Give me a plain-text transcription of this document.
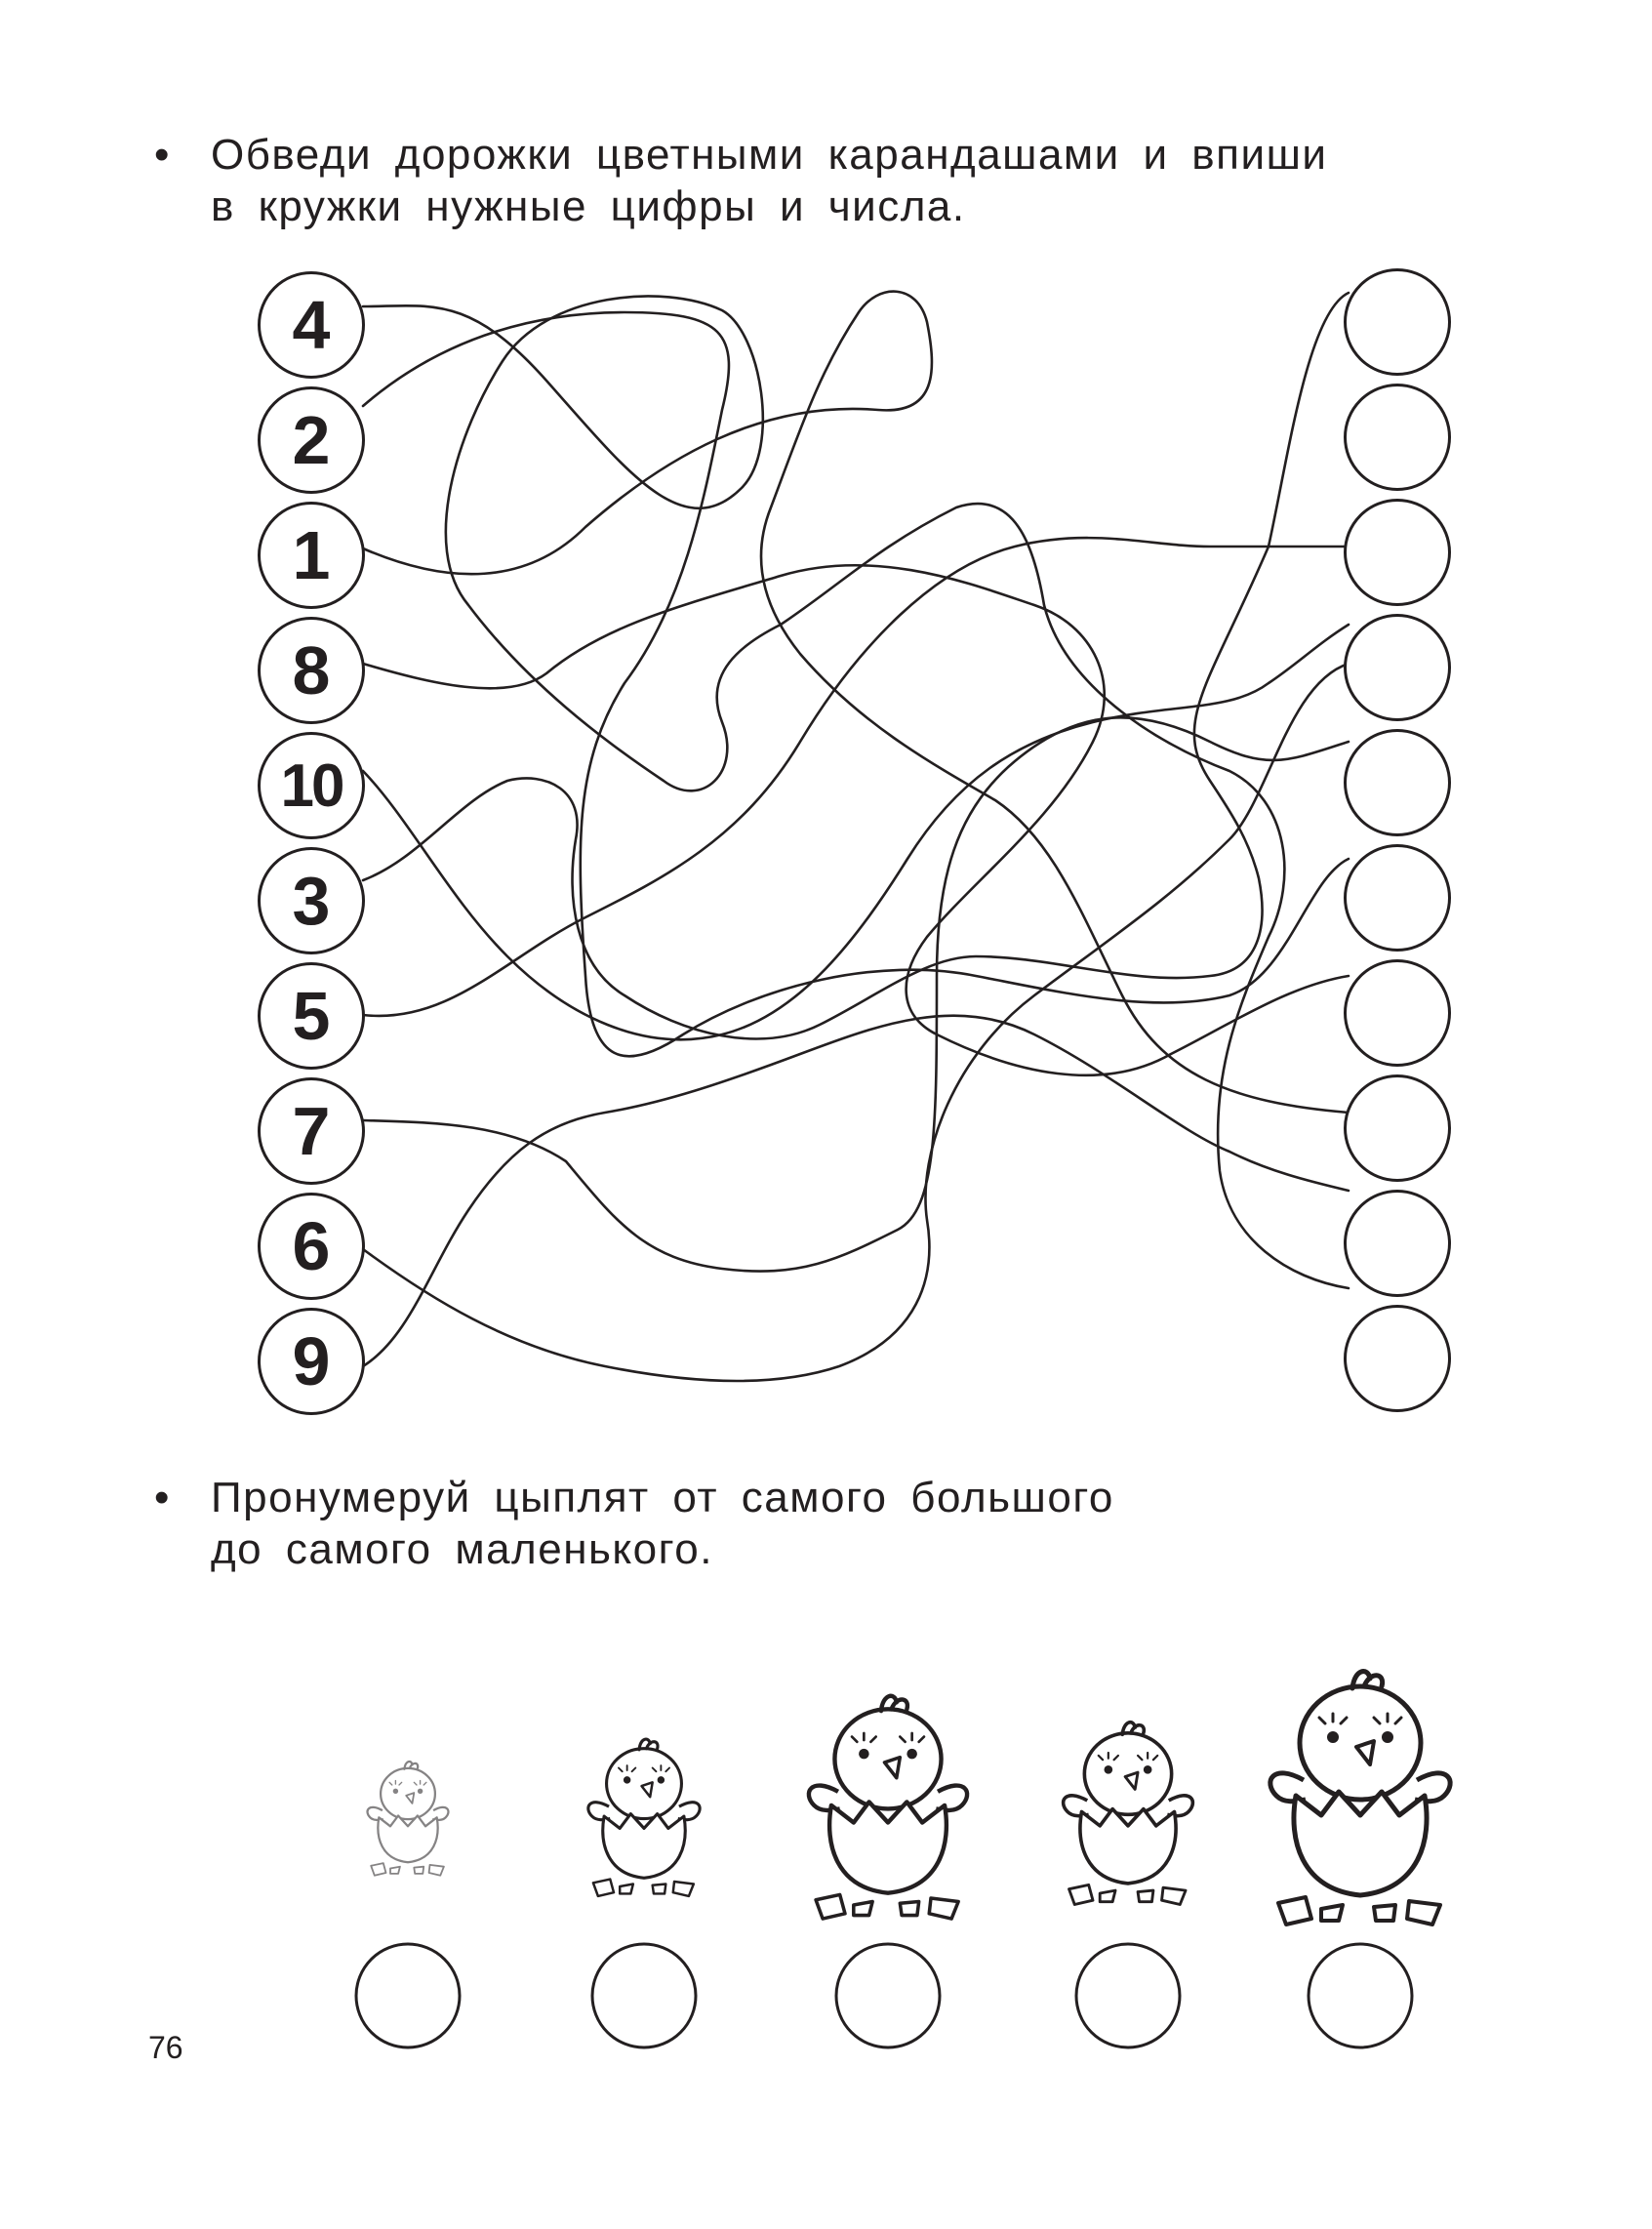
• Обведи дорожки цветными карандашами и впиши
в кружки нужные цифры и числа.
4
2
1
8
10
3
5
7
6
9
• Пронумеруй цыплят от самого большого
до самого маленького.
76
